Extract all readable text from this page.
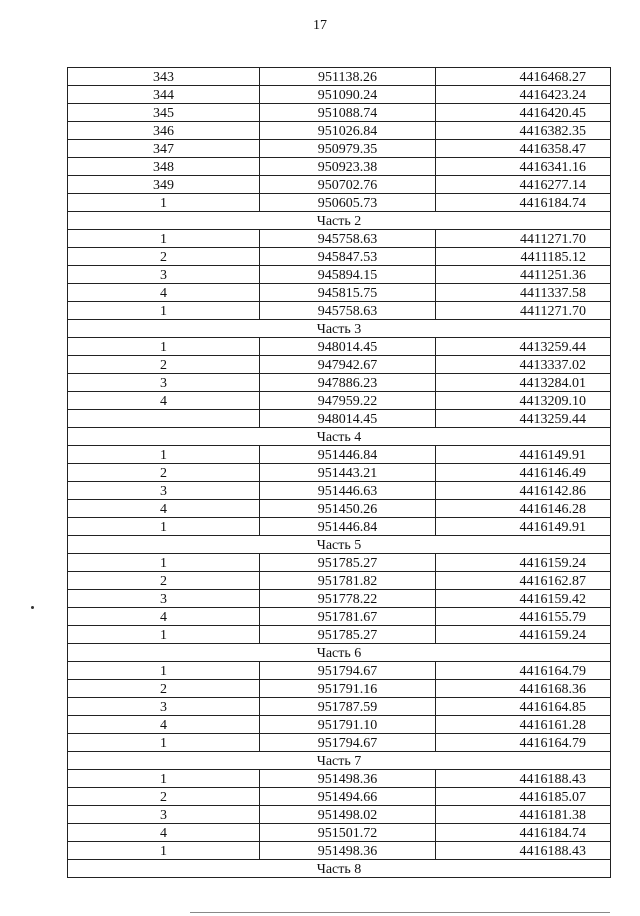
17
343	951138.26	4416468.27
344	951090.24	4416423.24
345	951088.74	4416420.45
346	951026.84	4416382.35
347	950979.35	4416358.47
348	950923.38	4416341.16
349	950702.76	4416277.14
1	950605.73	4416184.74
Часть 2		
1	945758.63	4411271.70
2	945847.53	4411185.12
3	945894.15	4411251.36
4	945815.75	4411337.58
1	945758.63	4411271.70
Часть 3		
1	948014.45	4413259.44
2	947942.67	4413337.02
3	947886.23	4413284.01
4	947959.22	4413209.10
	948014.45	4413259.44
Часть 4		
1	951446.84	4416149.91
2	951443.21	4416146.49
3	951446.63	4416142.86
4	951450.26	4416146.28
1	951446.84	4416149.91
Часть 5		
1	951785.27	4416159.24
2	951781.82	4416162.87
3	951778.22	4416159.42
4	951781.67	4416155.79
1	951785.27	4416159.24
Часть 6		
1	951794.67	4416164.79
2	951791.16	4416168.36
3	951787.59	4416164.85
4	951791.10	4416161.28
1	951794.67	4416164.79
Часть 7		
1	951498.36	4416188.43
2	951494.66	4416185.07
3	951498.02	4416181.38
4	951501.72	4416184.74
1	951498.36	4416188.43
Часть 8		
